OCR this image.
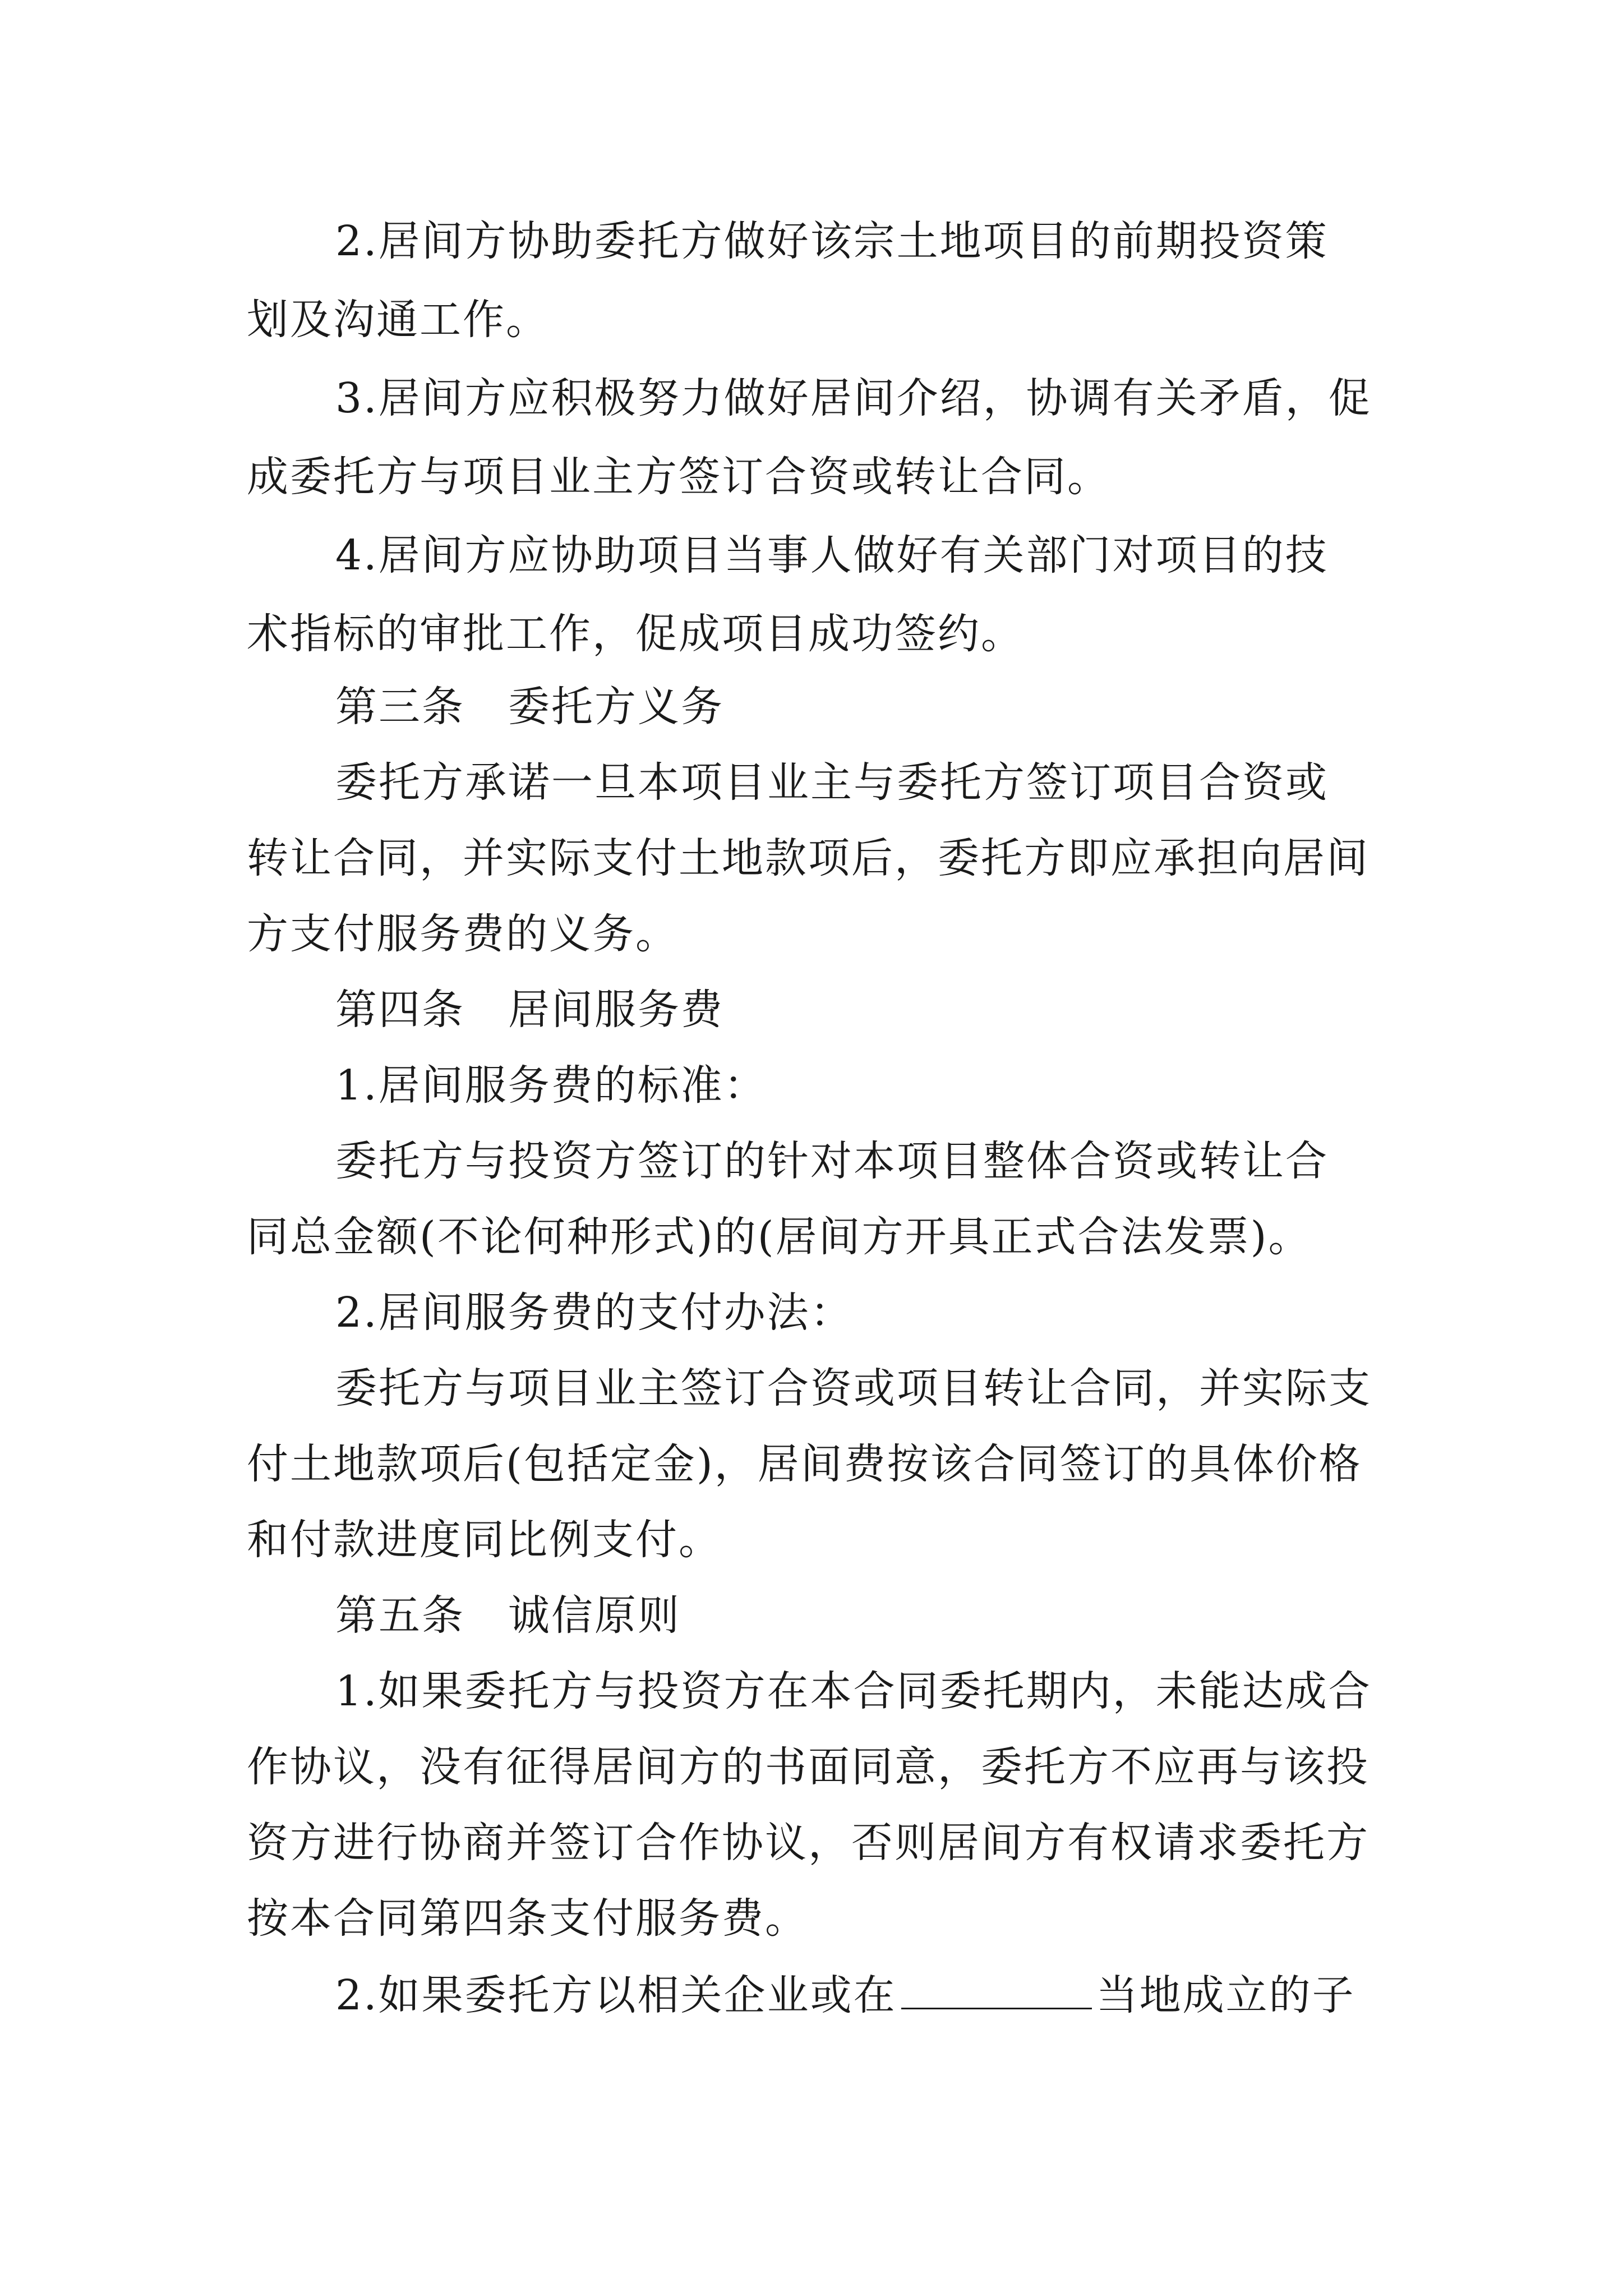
2.居间方协助委托方做好该宗土地项目的前期投资策
划及沟通工作。
3.居间方应积极努力做好居间介绍，协调有关矛盾，促
成委托方与项目业主方签订合资或转让合同。
4.居间方应协助项目当事人做好有关部门对项目的技
术指标的审批工作，促成项目成功签约。
第三条　委托方义务
委托方承诺一旦本项目业主与委托方签订项目合资或
转让合同，并实际支付土地款项后，委托方即应承担向居间
方支付服务费的义务。
第四条　居间服务费
1.居间服务费的标准：
委托方与投资方签订的针对本项目整体合资或转让合
同总金额(不论何种形式)的(居间方开具正式合法发票)。
2.居间服务费的支付办法：
委托方与项目业主签订合资或项目转让合同，并实际支
付土地款项后(包括定金)，居间费按该合同签订的具体价格
和付款进度同比例支付。
第五条　诚信原则
1.如果委托方与投资方在本合同委托期内，未能达成合
作协议，没有征得居间方的书面同意，委托方不应再与该投
资方进行协商并签订合作协议，否则居间方有权请求委托方
按本合同第四条支付服务费。
2.如果委托方以相关企业或在	当地成立的子
